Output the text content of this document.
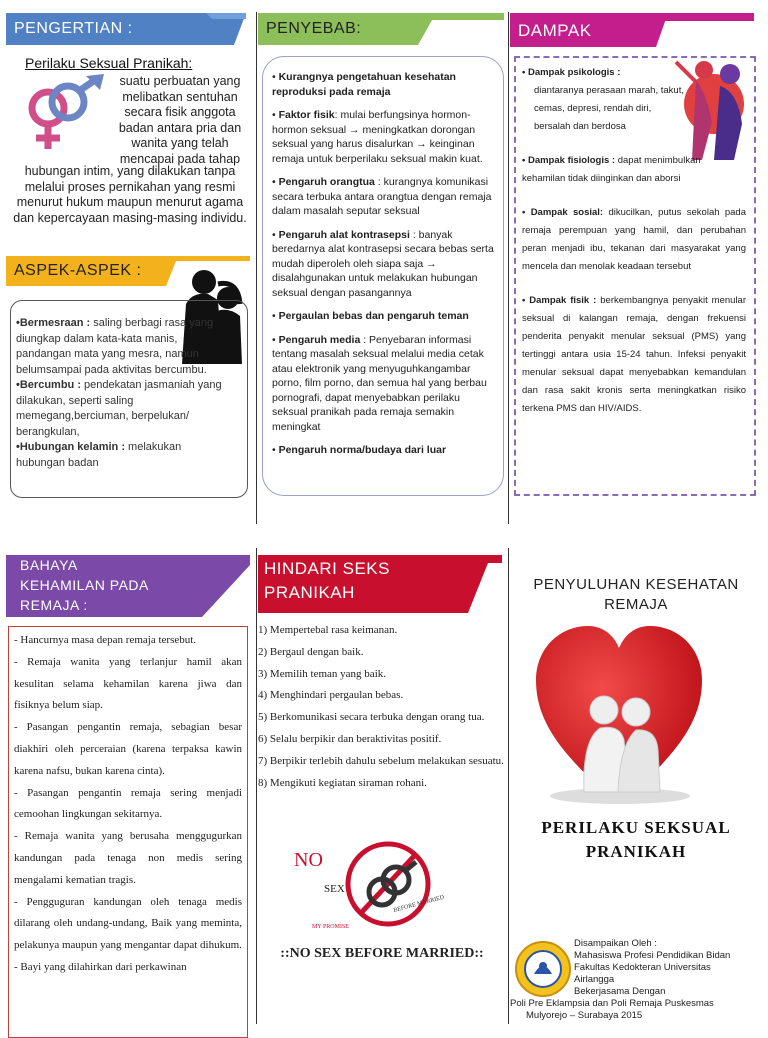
PENGERTIAN :
Perilaku Seksual Pranikah:
suatu perbuatan yang melibatkan sentuhan secara fisik anggota badan antara pria dan wanita yang telah mencapai pada tahap
hubungan intim, yang dilakukan tanpa melalui proses pernikahan yang resmi menurut hukum maupun menurut agama dan kepercayaan masing-masing individu.
ASPEK-ASPEK :
•Bermesraan : saling berbagi rasa yang diungkap dalam kata-kata manis, pandangan mata yang mesra, namun belumsampai pada aktivitas bercumbu.
•Bercumbu : pendekatan jasmaniah yang dilakukan, seperti saling memegang,berciuman, berpelukan/ berangkulan,
•Hubungan kelamin : melakukan hubungan badan
PENYEBAB:
• Kurangnya pengetahuan kesehatan reproduksi pada remaja
• Faktor fisik: mulai berfungsinya hormon-hormon seksual → meningkatkan dorongan seksual yang harus disalurkan → keinginan remaja untuk berperilaku seksual makin kuat.
• Pengaruh orangtua : kurangnya komunikasi secara terbuka antara orangtua dengan remaja dalam masalah seputar seksual
• Pengaruh alat kontrasepsi : banyak beredarnya alat kontrasepsi secara bebas serta mudah diperoleh oleh siapa saja → disalahgunakan untuk melakukan hubungan seksual dengan pasangannya
• Pergaulan bebas dan pengaruh teman
• Pengaruh media : Penyebaran informasi tentang masalah seksual melalui media cetak atau elektronik yang menyuguhkangambar porno, film porno, dan semua hal yang berbau pornografi, dapat menyebabkan perilaku seksual pranikah pada remaja semakin meningkat
• Pengaruh norma/budaya dari luar
DAMPAK
• Dampak psikologis :
diantaranya perasaan marah, takut, cemas, depresi, rendah diri, bersalah dan berdosa
• Dampak fisiologis : dapat menimbulkan kehamilan tidak diinginkan dan aborsi
• Dampak sosial: dikucilkan, putus sekolah pada remaja perempuan yang hamil, dan perubahan peran menjadi ibu, tekanan dari masyarakat yang mencela dan menolak keadaan tersebut
• Dampak fisik : berkembangnya penyakit menular seksual di kalangan remaja, dengan frekuensi penderita penyakit menular seksual (PMS) yang tertinggi antara usia 15-24 tahun. Infeksi penyakit menular seksual dapat menyebabkan kemandulan dan rasa sakit kronis serta meningkatkan risiko terkena PMS dan HIV/AIDS.
BAHAYA
KEHAMILAN PADA
REMAJA :
- Hancurnya masa depan remaja tersebut.
- Remaja wanita yang terlanjur hamil akan kesulitan selama kehamilan karena jiwa dan fisiknya belum siap.
- Pasangan pengantin remaja, sebagian besar diakhiri oleh perceraian (karena terpaksa kawin karena nafsu, bukan karena cinta).
- Pasangan pengantin remaja sering menjadi cemoohan lingkungan sekitarnya.
- Remaja wanita yang berusaha menggugurkan kandungan pada tenaga non medis sering mengalami kematian tragis.
- Pengguguran kandungan oleh tenaga medis dilarang oleh undang-undang, Baik yang meminta, pelakunya maupun yang mengantar dapat dihukum.
- Bayi yang dilahirkan dari perkawinan
HINDARI SEKS
PRANIKAH
1) Mempertebal rasa keimanan.
2) Bergaul dengan baik.
3) Memilih teman yang baik.
4) Menghindari pergaulan bebas.
5) Berkomunikasi secara terbuka dengan orang tua.
6) Selalu berpikir dan beraktivitas positif.
7) Berpikir terlebih dahulu sebelum melakukan sesuatu.
8) Mengikuti kegiatan siraman rohani.
NO
SEX
MY PROMISE
BEFORE MARRIED
::NO SEX BEFORE MARRIED::
PENYULUHAN KESEHATAN
REMAJA
PERILAKU SEKSUAL
PRANIKAH
Disampaikan Oleh :
Mahasiswa Profesi Pendidikan Bidan
Fakultas Kedokteran Universitas
Airlangga
Bekerjasama Dengan
Poli Pre Eklampsia dan Poli Remaja Puskesmas
Mulyorejo – Surabaya 2015
